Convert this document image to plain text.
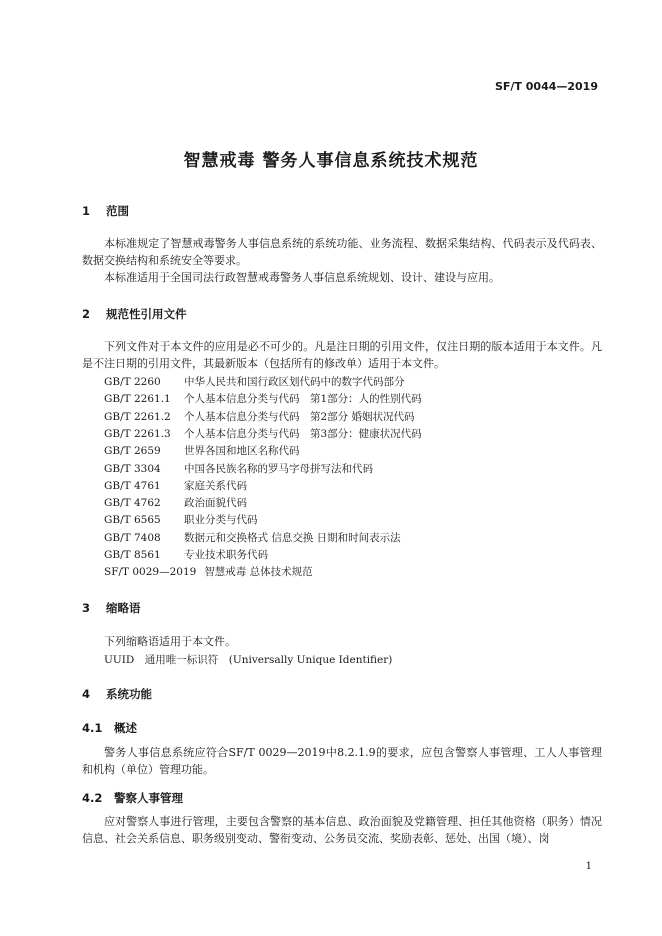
SF/T 0044—2019
智慧戒毒 警务人事信息系统技术规范
1 范围
本标准规定了智慧戒毒警务人事信息系统的系统功能、业务流程、数据采集结构、代码表示及代码表、数据交换结构和系统安全等要求。
本标准适用于全国司法行政智慧戒毒警务人事信息系统规划、设计、建设与应用。
2 规范性引用文件
下列文件对于本文件的应用是必不可少的。凡是注日期的引用文件，仅注日期的版本适用于本文件。凡是不注日期的引用文件，其最新版本（包括所有的修改单）适用于本文件。
GB/T 2260 中华人民共和国行政区划代码中的数字代码部分
GB/T 2261.1 个人基本信息分类与代码　第1部分：人的性别代码
GB/T 2261.2 个人基本信息分类与代码　第2部分 婚姻状况代码
GB/T 2261.3 个人基本信息分类与代码　第3部分：健康状况代码
GB/T 2659 世界各国和地区名称代码
GB/T 3304 中国各民族名称的罗马字母拼写法和代码
GB/T 4761 家庭关系代码
GB/T 4762 政治面貌代码
GB/T 6565 职业分类与代码
GB/T 7408 数据元和交换格式 信息交换 日期和时间表示法
GB/T 8561 专业技术职务代码
SF/T 0029—2019 智慧戒毒 总体技术规范
3 缩略语
下列缩略语适用于本文件。
UUID　通用唯一标识符　(Universally Unique Identifier)
4 系统功能
4.1 概述
警务人事信息系统应符合SF/T 0029—2019中8.2.1.9的要求，应包含警察人事管理、工人人事管理和机构（单位）管理功能。
4.2 警察人事管理
应对警察人事进行管理，主要包含警察的基本信息、政治面貌及党籍管理、担任其他资格（职务）情况信息、社会关系信息、职务级别变动、警衔变动、公务员交流、奖励表彰、惩处、出国（境）、岗
1
